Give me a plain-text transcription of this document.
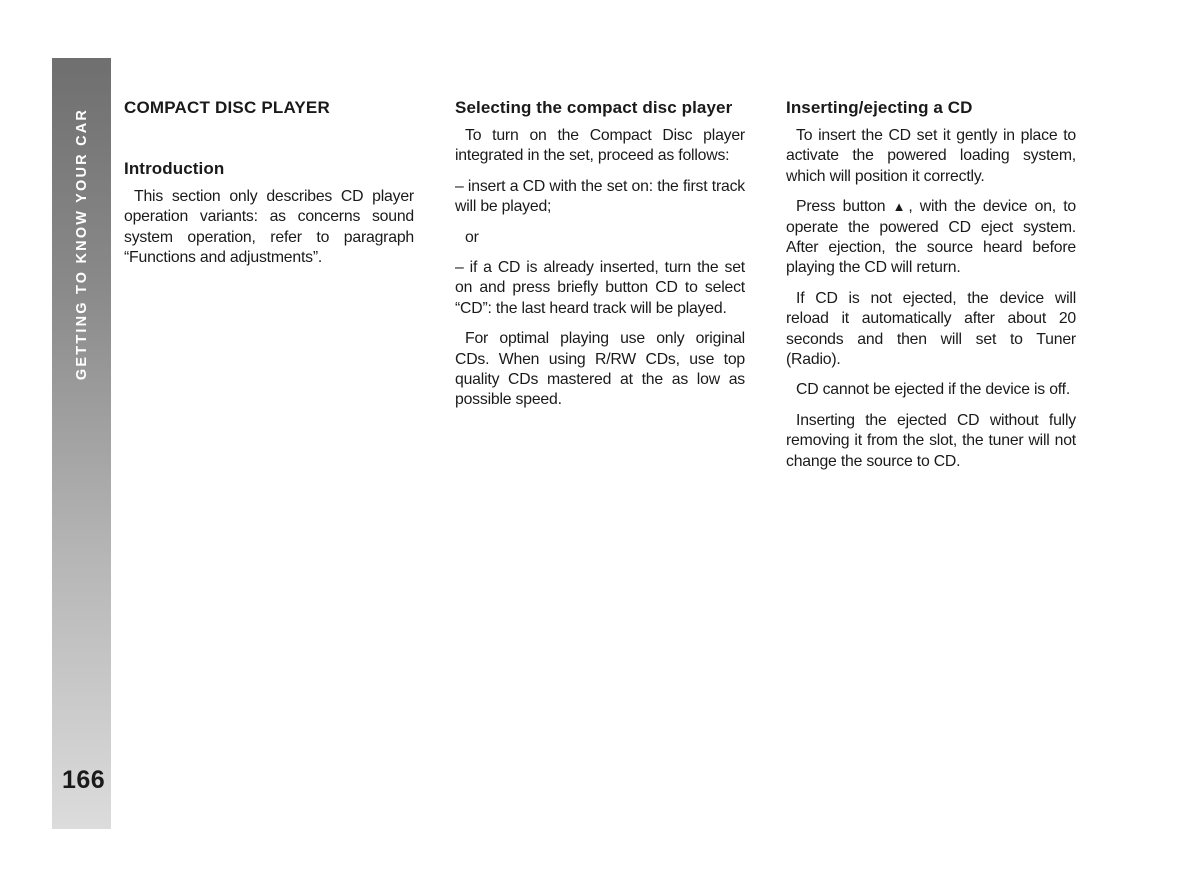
GETTING TO KNOW YOUR CAR
166
COMPACT DISC PLAYER
Introduction

This section only describes CD player operation variants: as concerns sound system operation, refer to paragraph “Functions and adjustments”.

Selecting the compact disc player

To turn on the Compact Disc player integrated in the set, proceed as follows:

– insert a CD with the set on: the first track will be played;

or

– if a CD is already inserted, turn the set on and press briefly button CD to select “CD”: the last heard track will be played.

For optimal playing use only original CDs. When using R/RW CDs, use top quality CDs mastered at the as low as possible speed.

Inserting/ejecting a CD

To insert the CD set it gently in place to activate the powered loading system, which will position it correctly.

Press button ▲, with the device on, to operate the powered CD eject system. After ejection, the source heard before playing the CD will return.

If CD is not ejected, the device will reload it automatically after about 20 seconds and then will set to Tuner (Radio).

CD cannot be ejected if the device is off.

Inserting the ejected CD without fully removing it from the slot, the tuner will not change the source to CD.
